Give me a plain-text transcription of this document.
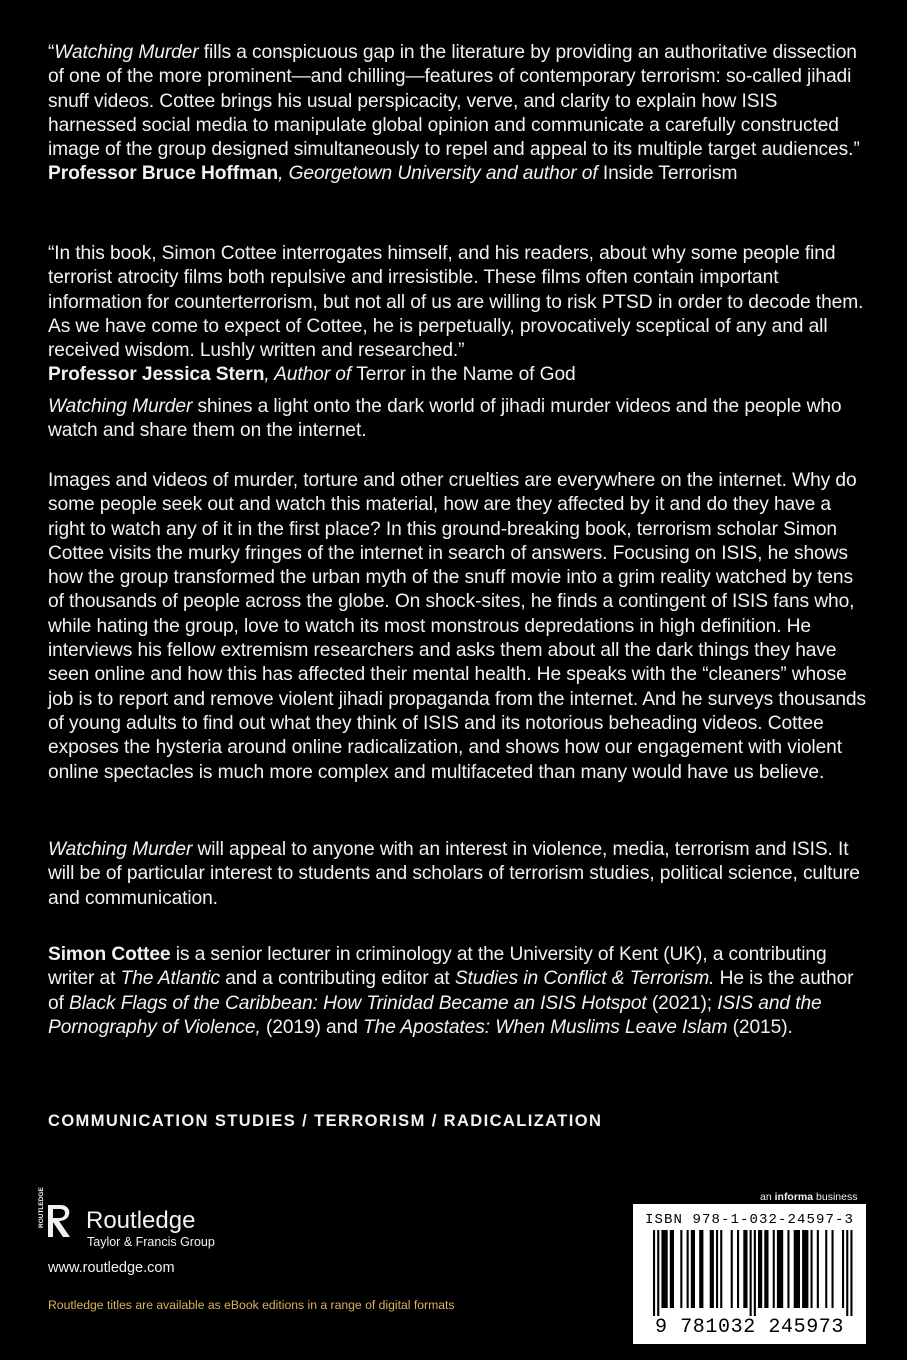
“Watching Murder fills a conspicuous gap in the literature by providing an authoritative dissection of one of the more prominent—and chilling—features of contemporary terrorism: so-called jihadi snuff videos. Cottee brings his usual perspicacity, verve, and clarity to explain how ISIS harnessed social media to manipulate global opinion and communicate a carefully constructed image of the group designed simultaneously to repel and appeal to its multiple target audiences.”

Professor Bruce Hoffman, Georgetown University and author of Inside Terrorism

“In this book, Simon Cottee interrogates himself, and his readers, about why some people find terrorist atrocity films both repulsive and irresistible. These films often contain important information for counterterrorism, but not all of us are willing to risk PTSD in order to decode them. As we have come to expect of Cottee, he is perpetually, provocatively sceptical of any and all received wisdom. Lushly written and researched.”

Professor Jessica Stern, Author of Terror in the Name of God

Watching Murder shines a light onto the dark world of jihadi murder videos and the people who watch and share them on the internet.

Images and videos of murder, torture and other cruelties are everywhere on the internet. Why do some people seek out and watch this material, how are they affected by it and do they have a right to watch any of it in the first place? In this ground-breaking book, terrorism scholar Simon Cottee visits the murky fringes of the internet in search of answers. Focusing on ISIS, he shows how the group transformed the urban myth of the snuff movie into a grim reality watched by tens of thousands of people across the globe. On shock-sites, he finds a contingent of ISIS fans who, while hating the group, love to watch its most monstrous depredations in high definition. He interviews his fellow extremism researchers and asks them about all the dark things they have seen online and how this has affected their mental health. He speaks with the “cleaners” whose job is to report and remove violent jihadi propaganda from the internet. And he surveys thousands of young adults to find out what they think of ISIS and its notorious beheading videos. Cottee exposes the hysteria around online radicalization, and shows how our engagement with violent online spectacles is much more complex and multifaceted than many would have us believe.

Watching Murder will appeal to anyone with an interest in violence, media, terrorism and ISIS. It will be of particular interest to students and scholars of terrorism studies, political science, culture and communication.

Simon Cottee is a senior lecturer in criminology at the University of Kent (UK), a contributing writer at The Atlantic and a contributing editor at Studies in Conflict & Terrorism. He is the author of Black Flags of the Caribbean: How Trinidad Became an ISIS Hotspot (2021); ISIS and the Pornography of Violence, (2019) and The Apostates: When Muslims Leave Islam (2015).

COMMUNICATION STUDIES / TERRORISM / RADICALIZATION
ROUTLEDGE Routledge
Taylor & Francis Group
www.routledge.com
Routledge titles are available as eBook editions in a range of digital formats
an informa business
ISBN 978-1-032-24597-3
9 781032 245973
